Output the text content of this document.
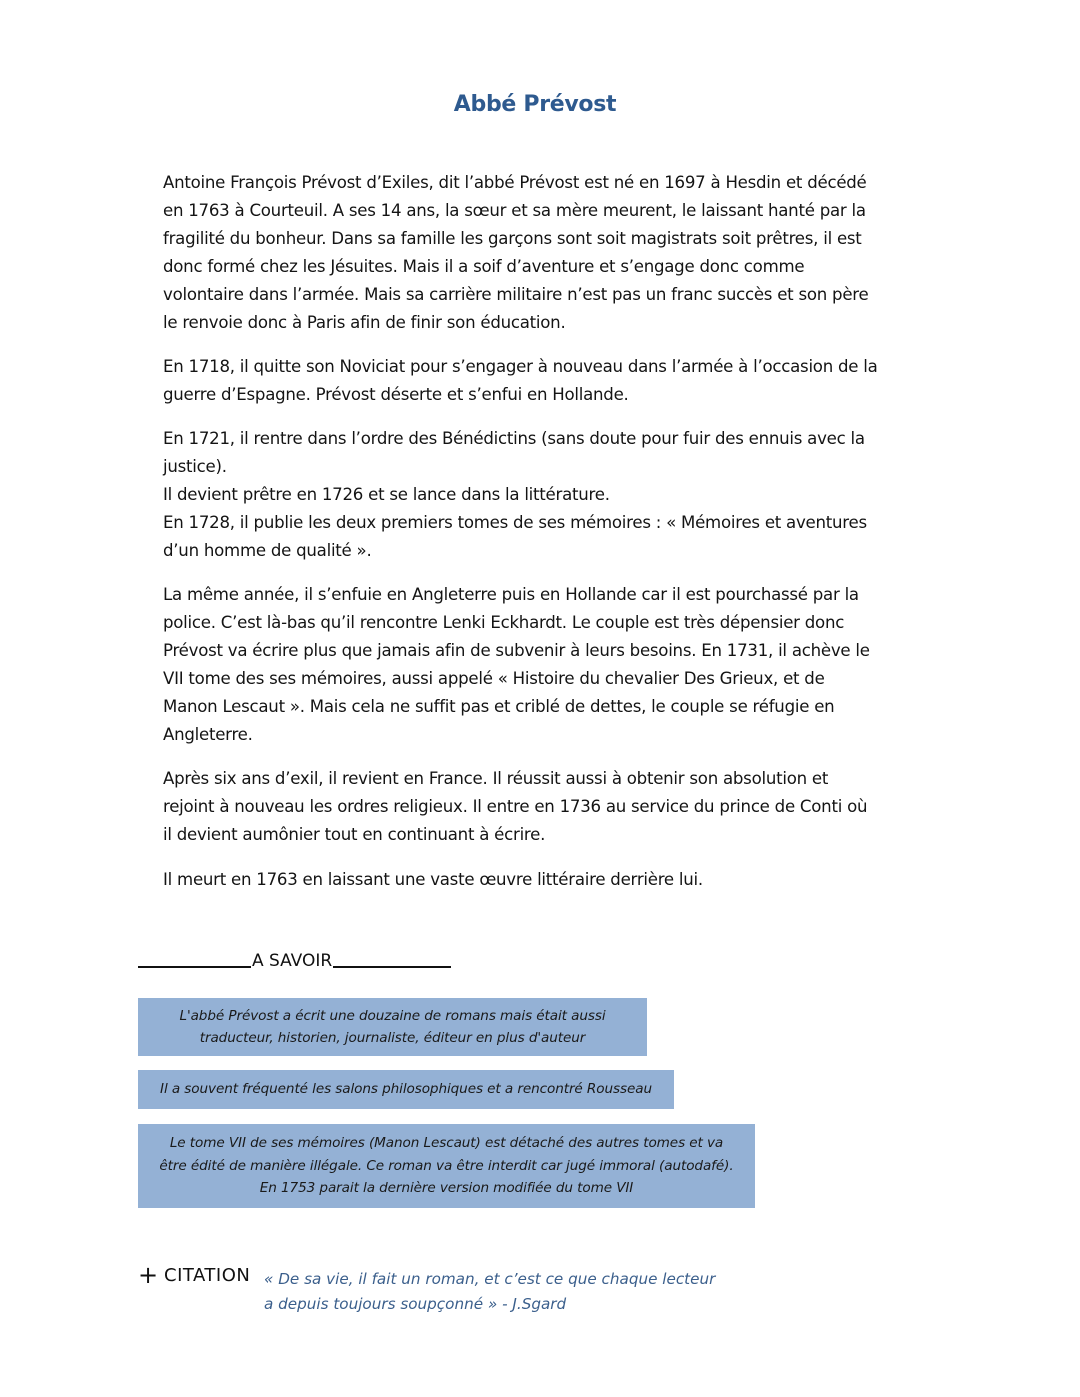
Abbé Prévost

Antoine François Prévost d’Exiles, dit l’abbé Prévost est né en 1697 à Hesdin et décédé
en 1763 à Courteuil. A ses 14 ans, la sœur et sa mère meurent, le laissant hanté par la
fragilité du bonheur. Dans sa famille les garçons sont soit magistrats soit prêtres, il est
donc formé chez les Jésuites. Mais il a soif d’aventure et s’engage donc comme
volontaire dans l’armée. Mais sa carrière militaire n’est pas un franc succès et son père
le renvoie donc à Paris afin de finir son éducation.

En 1718, il quitte son Noviciat pour s’engager à nouveau dans l’armée à l’occasion de la
guerre d’Espagne. Prévost déserte et s’enfui en Hollande.

En 1721, il rentre dans l’ordre des Bénédictins (sans doute pour fuir des ennuis avec la
justice).
Il devient prêtre en 1726 et se lance dans la littérature.
En 1728, il publie les deux premiers tomes de ses mémoires : « Mémoires et aventures
d’un homme de qualité ».

La même année, il s’enfuie en Angleterre puis en Hollande car il est pourchassé par la
police. C’est là-bas qu’il rencontre Lenki Eckhardt. Le couple est très dépensier donc
Prévost va écrire plus que jamais afin de subvenir à leurs besoins. En 1731, il achève le
VII tome des ses mémoires, aussi appelé « Histoire du chevalier Des Grieux, et de
Manon Lescaut ». Mais cela ne suffit pas et criblé de dettes, le couple se réfugie en
Angleterre.

Après six ans d’exil, il revient en France. Il réussit aussi à obtenir son absolution et
rejoint à nouveau les ordres religieux. Il entre en 1736 au service du prince de Conti où
il devient aumônier tout en continuant à écrire.

Il meurt en 1763 en laissant une vaste œuvre littéraire derrière lui.

A SAVOIR
L'abbé Prévost a écrit une douzaine de romans mais était aussi
traducteur, historien, journaliste, éditeur en plus d'auteur
Il a souvent fréquenté les salons philosophiques et a rencontré Rousseau
Le tome VII de ses mémoires (Manon Lescaut) est détaché des autres tomes et va
être édité de manière illégale. Ce roman va être interdit car jugé immoral (autodafé).
En 1753 parait la dernière version modifiée du tome VII
+ CITATION « De sa vie, il fait un roman, et c’est ce que chaque lecteur
a depuis toujours soupçonné » - J.Sgard
